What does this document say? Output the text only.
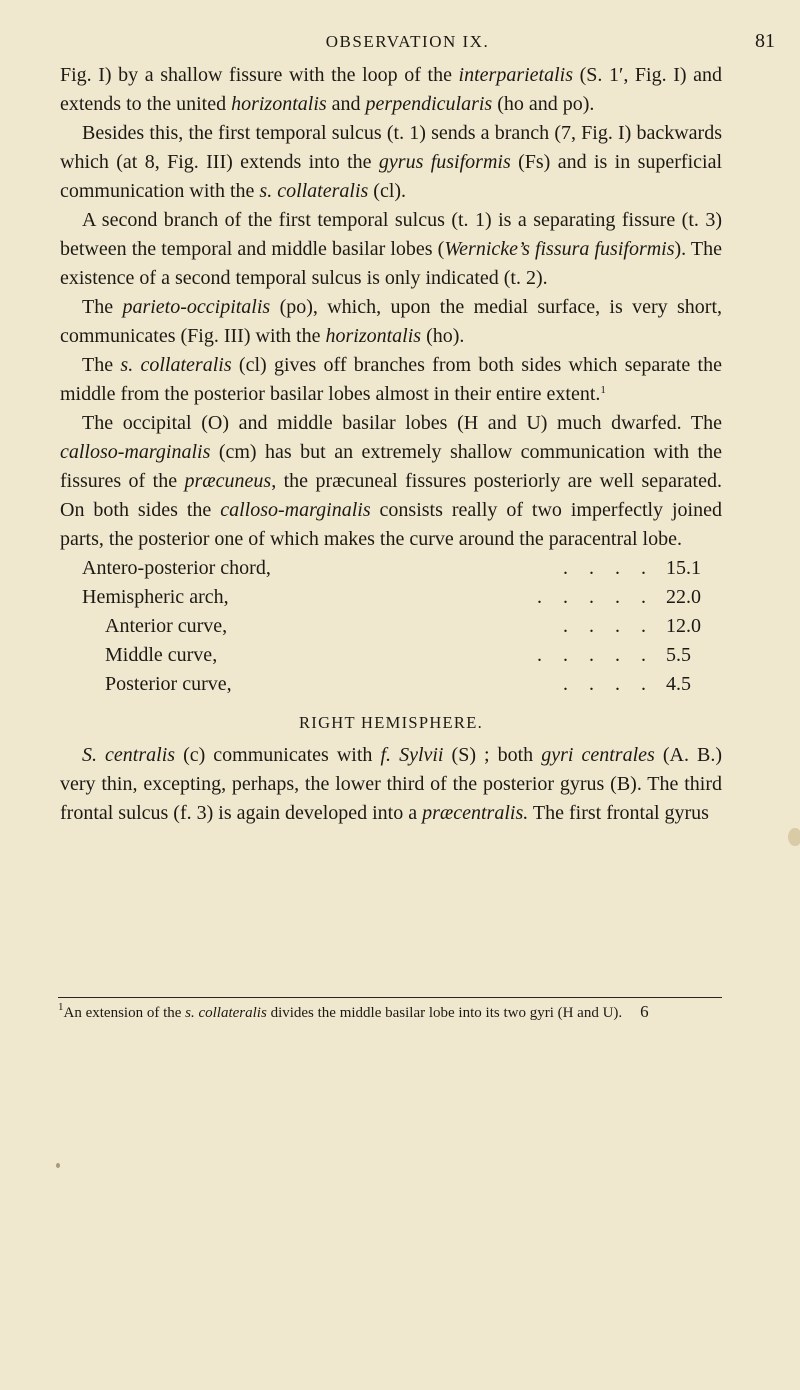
OBSERVATION IX.	81

Fig. I) by a shallow fissure with the loop of the interparietalis (S. 1′, Fig. I) and extends to the united horizontalis and perpendicularis (ho and po).

Besides this, the first temporal sulcus (t. 1) sends a branch (7, Fig. I) backwards which (at 8, Fig. III) extends into the gyrus fusiformis (Fs) and is in superficial communication with the s. collateralis (cl).

A second branch of the first temporal sulcus (t. 1) is a separating fissure (t. 3) between the temporal and middle basilar lobes (Wernicke’s fissura fusiformis). The existence of a second temporal sulcus is only indicated (t. 2).

The parieto-occipitalis (po), which, upon the medial surface, is very short, communicates (Fig. III) with the horizontalis (ho).

The s. collateralis (cl) gives off branches from both sides which separate the middle from the posterior basilar lobes almost in their entire extent.$^1$

The occipital (O) and middle basilar lobes (H and U) much dwarfed. The calloso-marginalis (cm) has but an extremely shallow communication with the fissures of the præcuneus, the præcuneal fissures posteriorly are well separated. On both sides the calloso-marginalis consists really of two imperfectly joined parts, the posterior one of which makes the curve around the paracentral lobe.

Antero-posterior chord,	. . . . 15.1
Hemispheric arch,	. . . . . 22.0
Anterior curve,	. . . . 12.0
Middle curve,	. . . . . 5.5
Posterior curve,	. . . . 4.5
RIGHT HEMISPHERE.

S. centralis (c) communicates with f. Sylvii (S) ; both gyri centrales (A. B.) very thin, excepting, perhaps, the lower third of the posterior gyrus (B). The third frontal sulcus (f. 3) is again developed into a præcentralis. The first frontal gyrus

$^1$An extension of the s. collateralis divides the middle basilar lobe into its two gyri (H and U). 6
